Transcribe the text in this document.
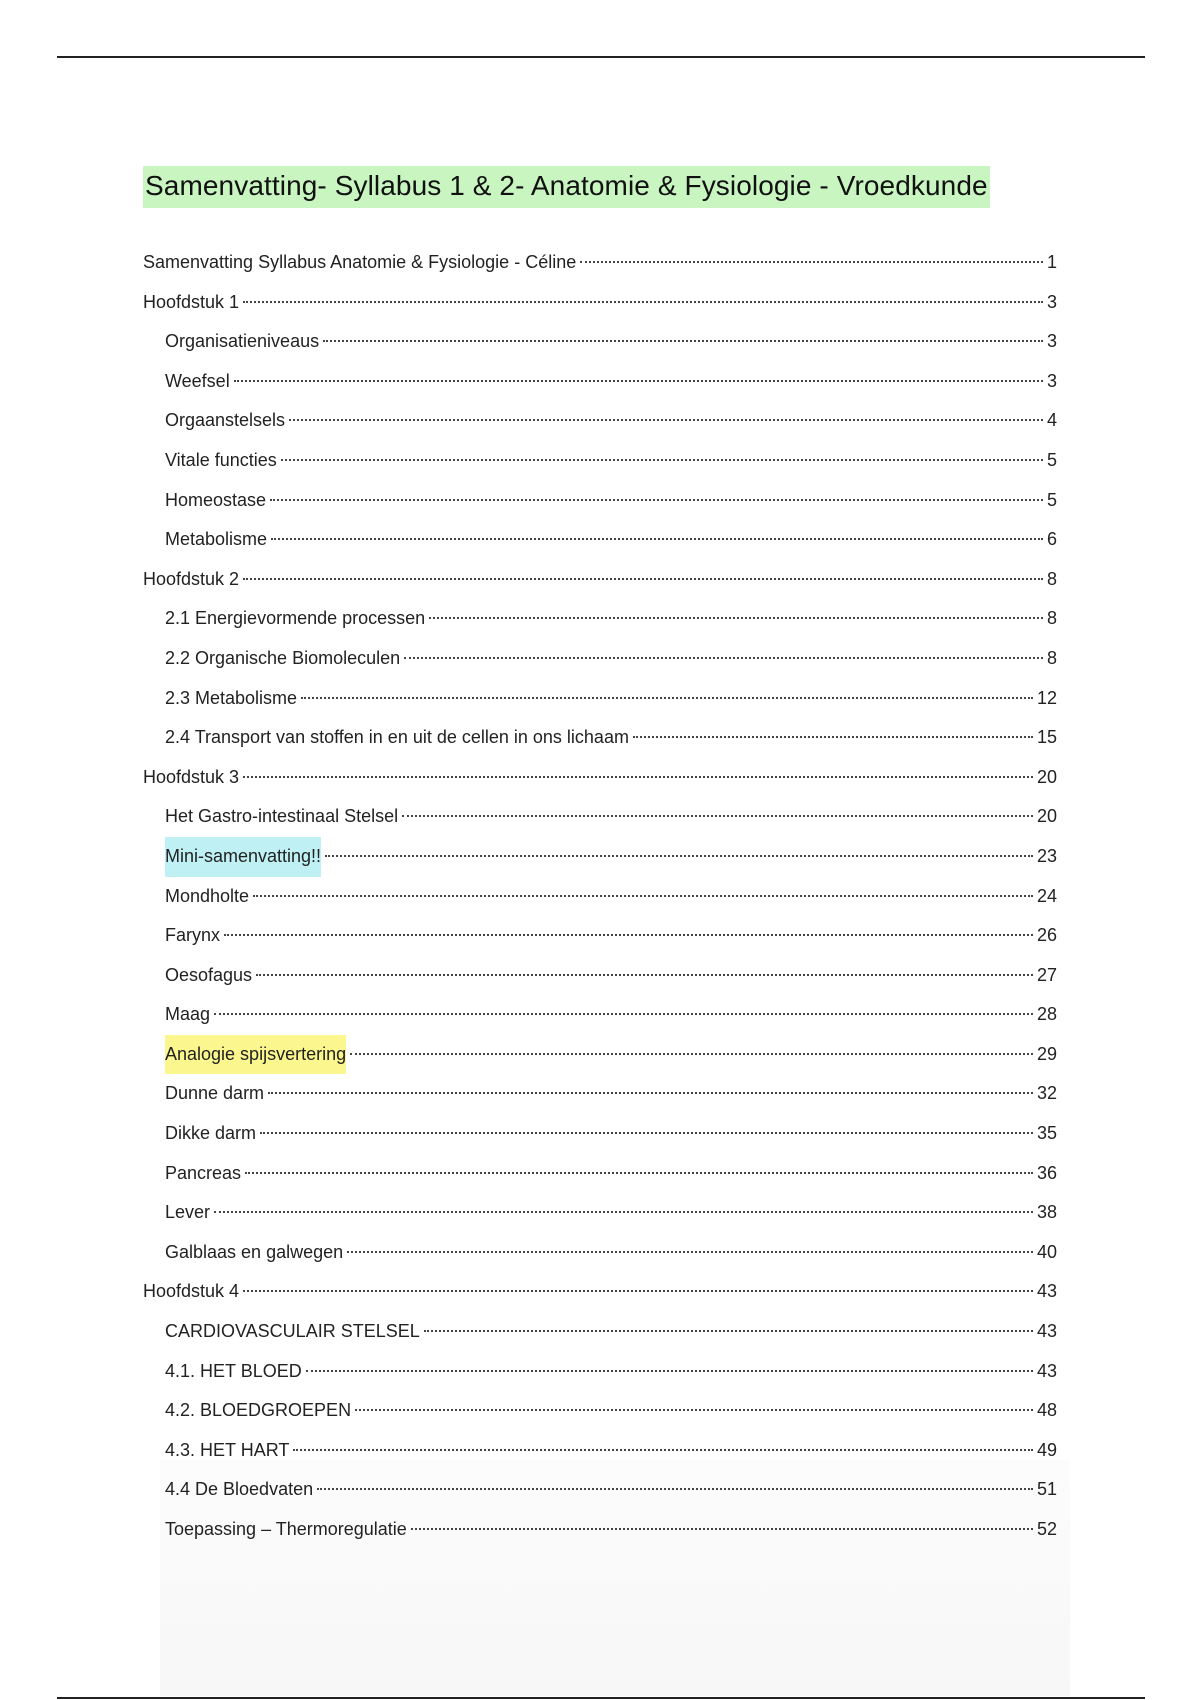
Samenvatting- Syllabus 1 & 2- Anatomie & Fysiologie - Vroedkunde
Samenvatting Syllabus Anatomie & Fysiologie - Céline	1
Hoofdstuk 1	3
Organisatieniveaus	3
Weefsel	3
Orgaanstelsels	4
Vitale functies	5
Homeostase	5
Metabolisme	6
Hoofdstuk 2	8
2.1 Energievormende processen	8
2.2 Organische Biomoleculen	8
2.3 Metabolisme	12
2.4 Transport van stoffen in en uit de cellen in ons lichaam	15
Hoofdstuk 3	20
Het Gastro-intestinaal Stelsel	20
Mini-samenvatting!!	23
Mondholte	24
Farynx	26
Oesofagus	27
Maag	28
Analogie spijsvertering	29
Dunne darm	32
Dikke darm	35
Pancreas	36
Lever	38
Galblaas en galwegen	40
Hoofdstuk 4	43
CARDIOVASCULAIR STELSEL	43
4.1. HET BLOED	43
4.2. BLOEDGROEPEN	48
4.3. HET HART	49
4.4 De Bloedvaten	51
Toepassing – Thermoregulatie	52
